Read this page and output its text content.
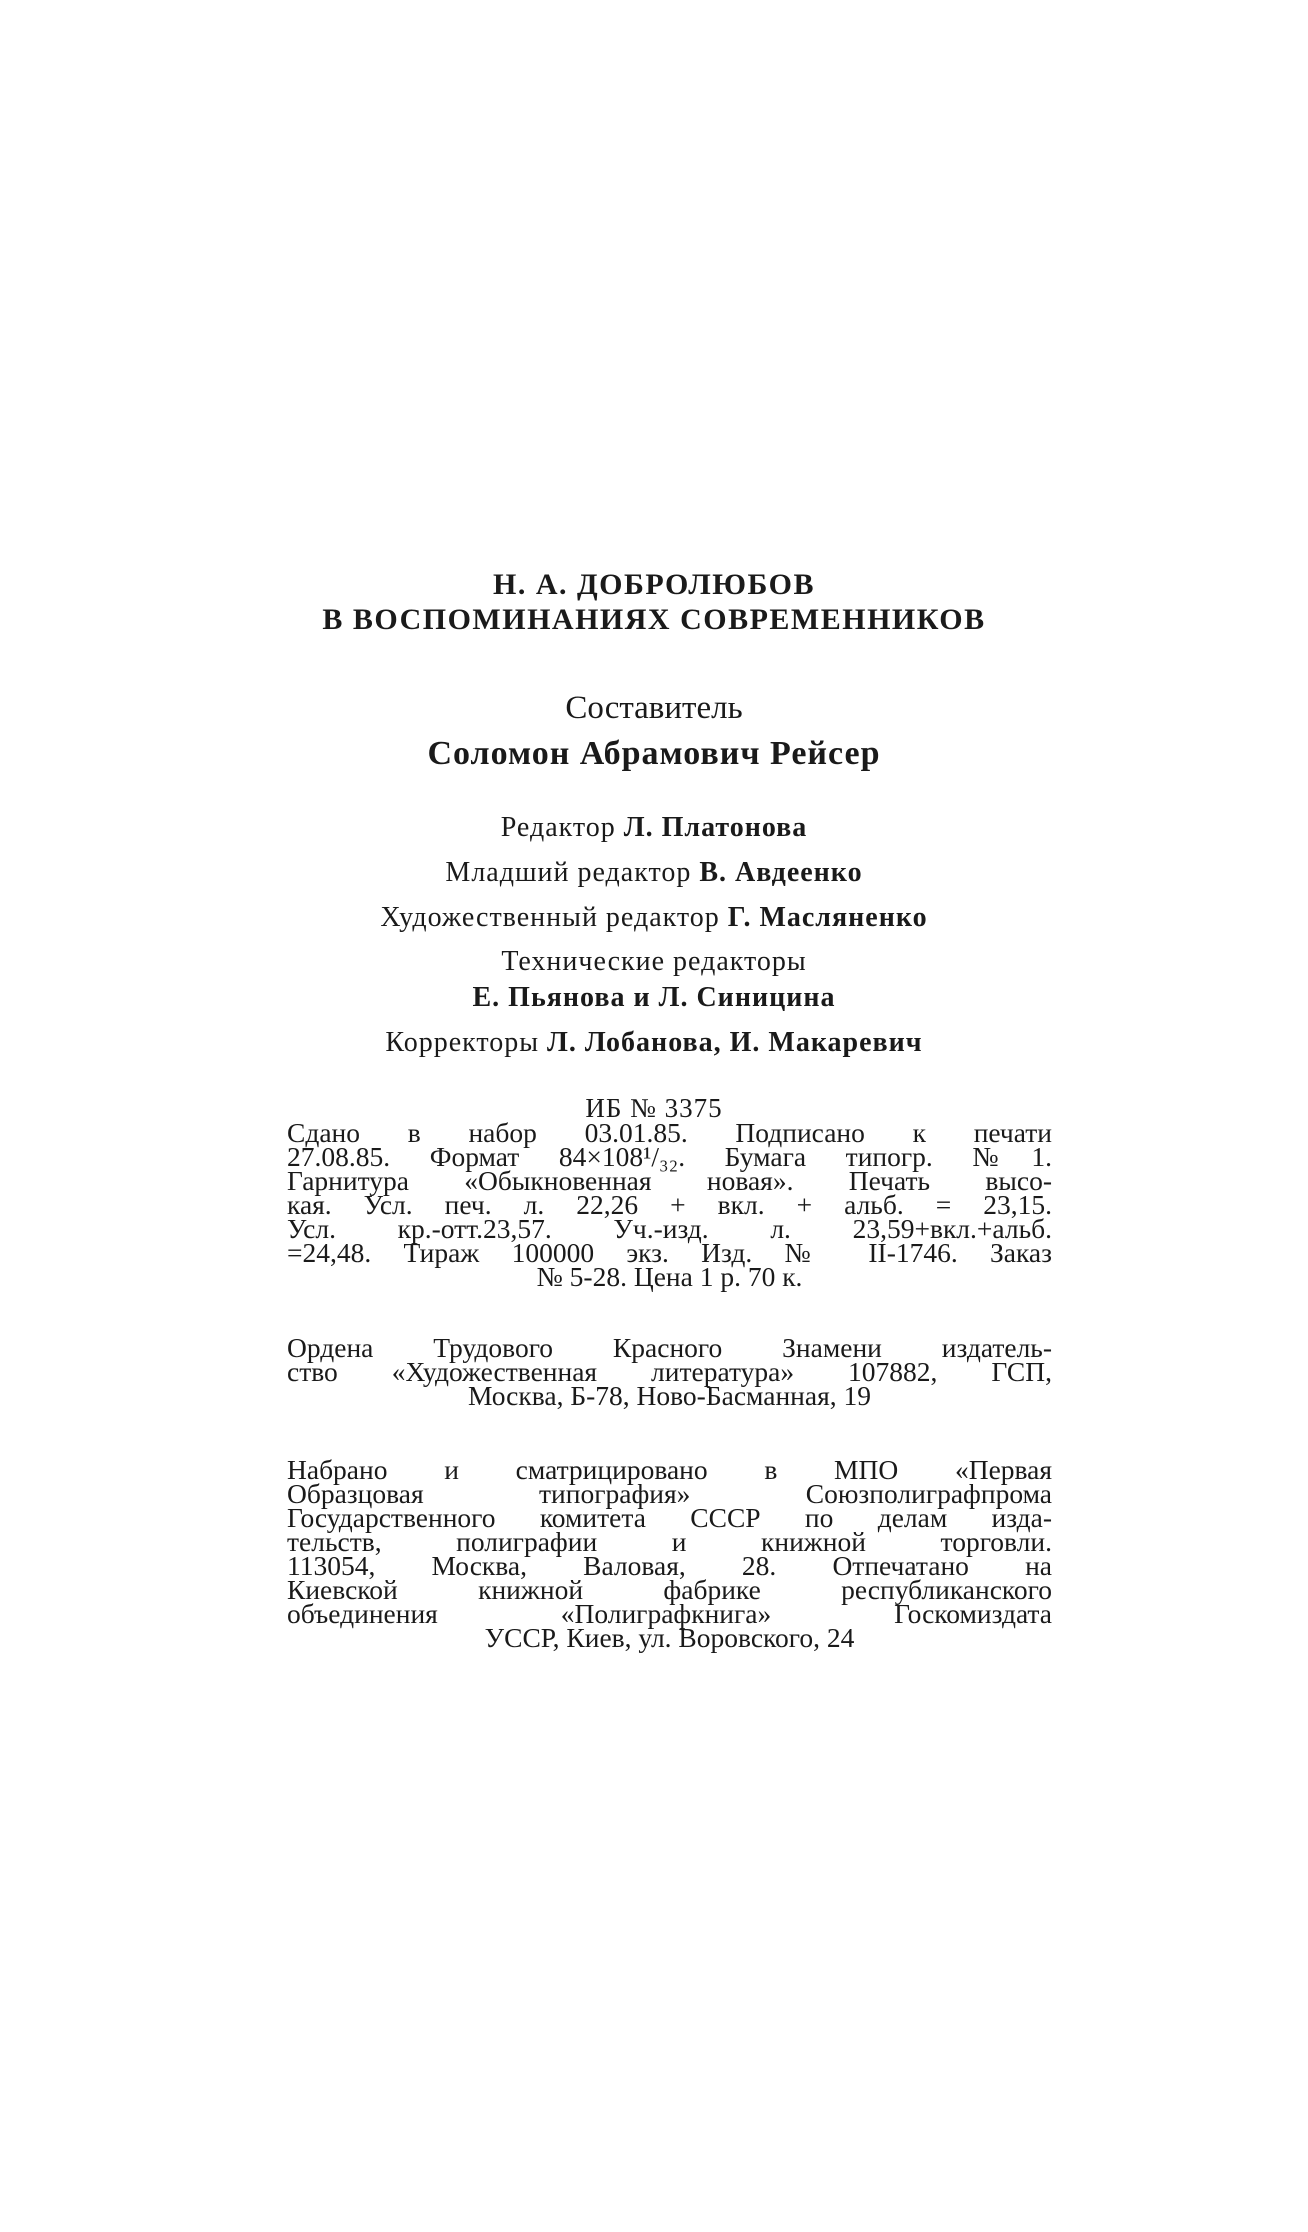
Н. А. ДОБРОЛЮБОВ
В ВОСПОМИНАНИЯХ СОВРЕМЕННИКОВ
Составитель
Соломон Абрамович Рейсер
Редактор Л. Платонова
Младший редактор В. Авдеенко
Художественный редактор Г. Масляненко
Технические редакторы
Е. Пьянова и Л. Синицина
Корректоры Л. Лобанова, И. Макаревич
ИБ № 3375
Сдано в набор 03.01.85. Подписано к печати
27.08.85. Формат 84×108¹/₃₂. Бумага типогр. №1.
Гарнитура «Обыкновенная новая». Печать высо-
кая. Усл. печ. л. 22,26 + вкл. + альб. = 23,15.
Усл. кр.-отт.23,57. Уч.-изд. л. 23,59+вкл.+альб.
=24,48. Тираж 100000 экз. Изд. № II-1746. Заказ
№ 5-28. Цена 1 р. 70 к.
Ордена Трудового Красного Знамени издатель-
ство «Художественная литература» 107882, ГСП,
Москва, Б-78, Ново-Басманная, 19
Набрано и сматрицировано в МПО «Первая
Образцовая типография» Союзполиграфпрома
Государственного комитета СССР по делам изда-
тельств, полиграфии и книжной торговли.
113054, Москва, Валовая, 28. Отпечатано на
Киевской книжной фабрике республиканского
объединения «Полиграфкнига» Госкомиздата
УССР, Киев, ул. Воровского, 24
